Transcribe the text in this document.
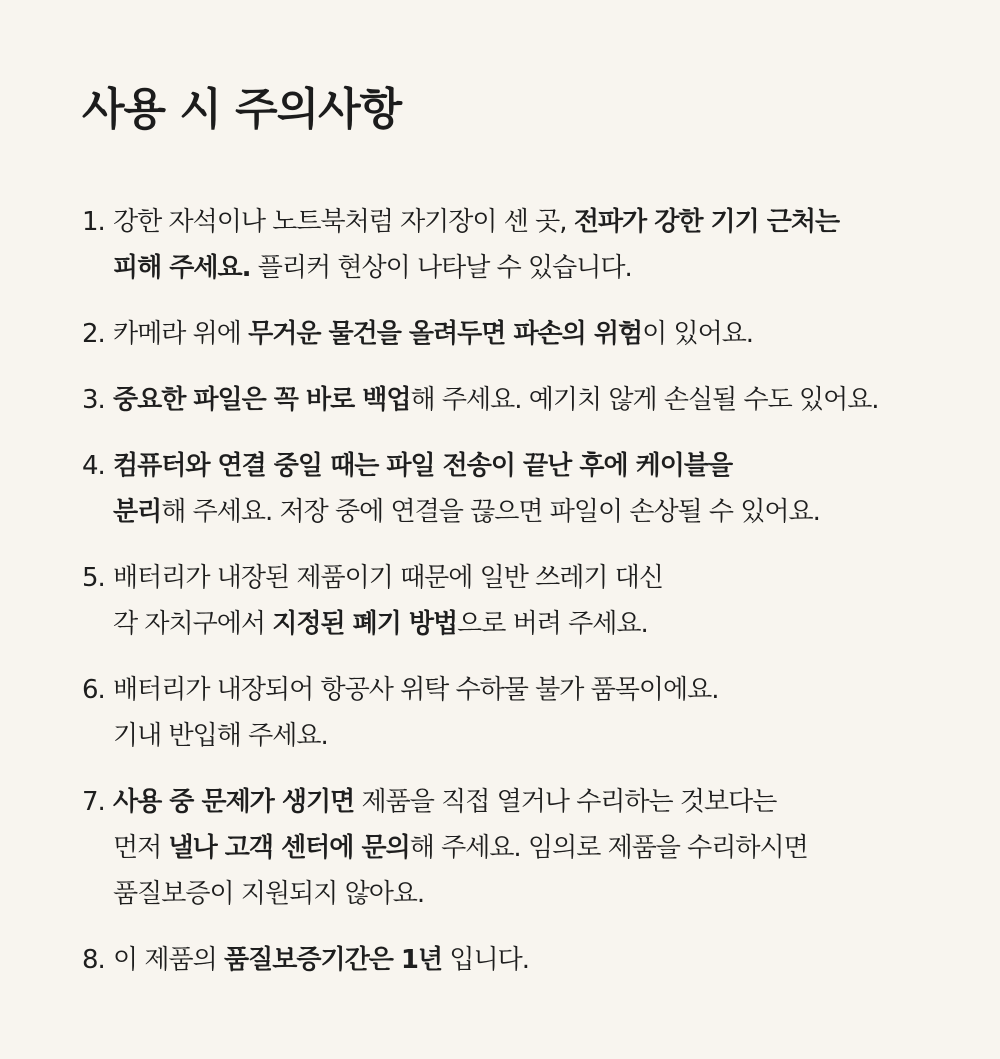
사용 시 주의사항
1. 강한 자석이나 노트북처럼 자기장이 센 곳, 전파가 강한 기기 근처는
피해 주세요. 플리커 현상이 나타날 수 있습니다.
2. 카메라 위에 무거운 물건을 올려두면 파손의 위험이 있어요.
3. 중요한 파일은 꼭 바로 백업해 주세요. 예기치 않게 손실될 수도 있어요.
4. 컴퓨터와 연결 중일 때는 파일 전송이 끝난 후에 케이블을
분리해 주세요. 저장 중에 연결을 끊으면 파일이 손상될 수 있어요.
5. 배터리가 내장된 제품이기 때문에 일반 쓰레기 대신
각 자치구에서 지정된 폐기 방법으로 버려 주세요.
6. 배터리가 내장되어 항공사 위탁 수하물 불가 품목이에요.
기내 반입해 주세요.
7. 사용 중 문제가 생기면 제품을 직접 열거나 수리하는 것보다는
먼저 낼나 고객 센터에 문의해 주세요. 임의로 제품을 수리하시면
품질보증이 지원되지 않아요.
8. 이 제품의 품질보증기간은 1년 입니다.
